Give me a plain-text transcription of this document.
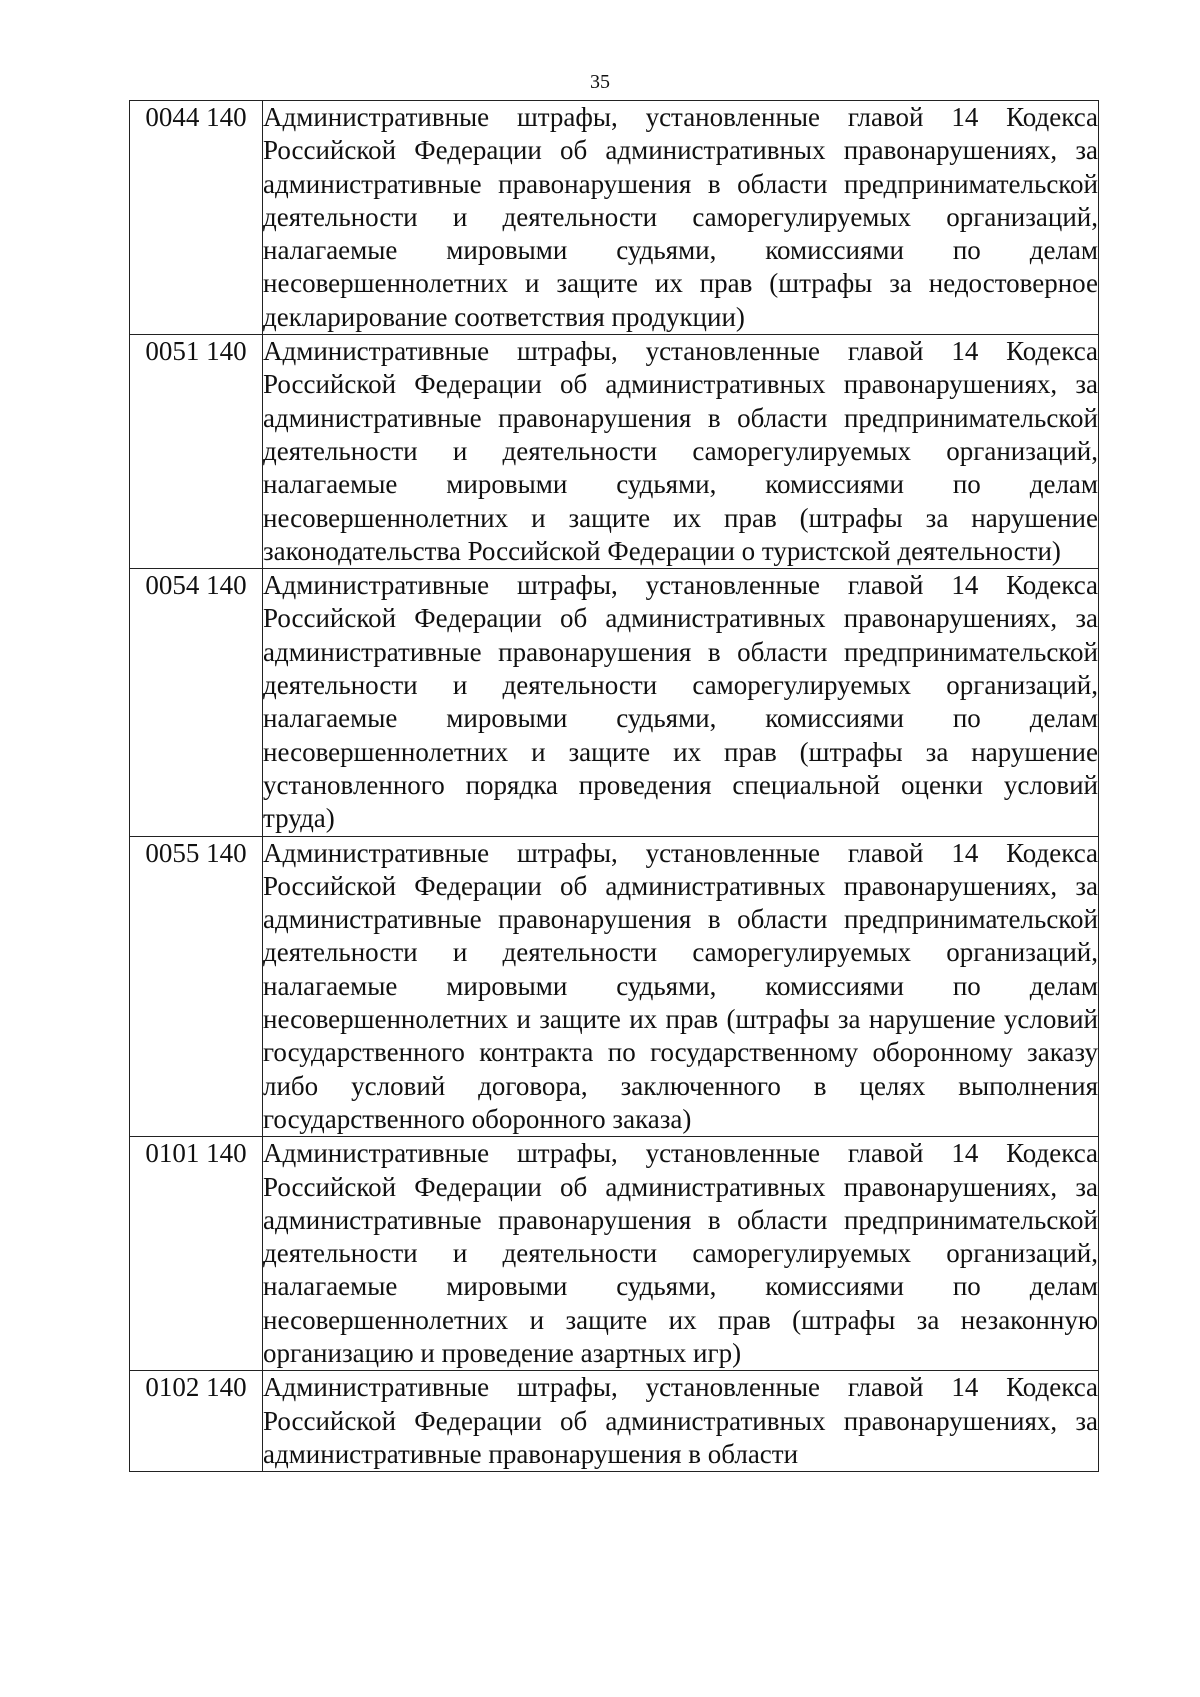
35
0044 140	Административные штрафы, установленные главой 14 Кодекса Российской Федерации об административных правонарушениях, за административные правонарушения в области предпринимательской деятельности и деятельности саморегулируемых организаций, налагаемые мировыми судьями, комиссиями по делам несовершеннолетних и защите их прав (штрафы за недостоверное декларирование соответствия продукции)
0051 140	Административные штрафы, установленные главой 14 Кодекса Российской Федерации об административных правонарушениях, за административные правонарушения в области предпринимательской деятельности и деятельности саморегулируемых организаций, налагаемые мировыми судьями, комиссиями по делам несовершеннолетних и защите их прав (штрафы за нарушение законодательства Российской Федерации о туристской деятельности)
0054 140	Административные штрафы, установленные главой 14 Кодекса Российской Федерации об административных правонарушениях, за административные правонарушения в области предпринимательской деятельности и деятельности саморегулируемых организаций, налагаемые мировыми судьями, комиссиями по делам несовершеннолетних и защите их прав (штрафы за нарушение установленного порядка проведения специальной оценки условий труда)
0055 140	Административные штрафы, установленные главой 14 Кодекса Российской Федерации об административных правонарушениях, за административные правонарушения в области предпринимательской деятельности и деятельности саморегулируемых организаций, налагаемые мировыми судьями, комиссиями по делам несовершеннолетних и защите их прав (штрафы за нарушение условий государственного контракта по государственному оборонному заказу либо условий договора, заключенного в целях выполнения государственного оборонного заказа)
0101 140	Административные штрафы, установленные главой 14 Кодекса Российской Федерации об административных правонарушениях, за административные правонарушения в области предпринимательской деятельности и деятельности саморегулируемых организаций, налагаемые мировыми судьями, комиссиями по делам несовершеннолетних и защите их прав (штрафы за незаконную организацию и проведение азартных игр)
0102 140	Административные штрафы, установленные главой 14 Кодекса Российской Федерации об административных правонарушениях, за административные правонарушения в области
